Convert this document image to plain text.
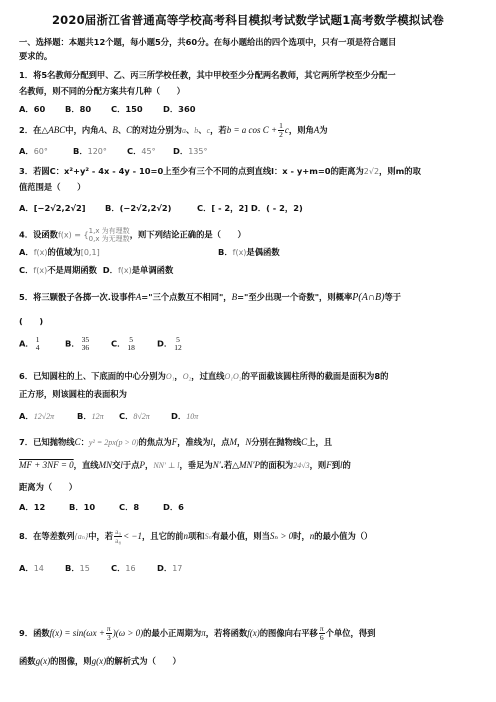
2020届浙江省普通高等学校高考科目模拟考试数学试题1高考数学模拟试卷
一、选择题：本题共12个题，每小题5分，共60分。在每小题给出的四个选项中，只有一项是符合题目
要求的。
1．将5名教师分配到甲、乙、丙三所学校任教，其中甲校至少分配两名教师，其它两所学校至少分配一
名教师，则不同的分配方案共有几种（　　）
A．60 B．80 C．150 D．360
2．在△ABC中，内角A、B、C的对边分别为a、b、c，若b = a $\cos C + \frac{1}{2}$ c，则角A为
A．60°	B．120° C．45° D．135°
3．若圆C：x²+y² - 4x - 4y - 10=0上至少有三个不同的点到直线l：x - y+m=0的距离为2√2，则m的取
值范围是（　　）
A．[−2√2,2√2] B．(−2√2,2√2)	C．[ - 2，2] D．( - 2，2)
4．设函数f(x) = { 1,x 为有理数
0,x 为无理数 ，则下列结论正确的是（　　）
A．f(x)的值域为[0,1]	B．f(x)是偶函数
C．f(x)不是周期函数 D．f(x)是单调函数
5．将三颗骰子各掷一次.设事件A="三个点数互不相同"，B="至少出现一个奇数"，则概率P(A∩B)等于
(　　)
A． 1
4	B． 35
36	C． 5
18	D． 5
12
6．已知圆柱的上、下底面的中心分别为O₁，O₂，过直线O₁O₂的平面截该圆柱所得的截面是面积为8的
正方形，则该圆柱的表面积为
A．12√2π	B．12π C．8√2π	D．10π
7．已知抛物线C：y² = 2px(p > 0)的焦点为F，准线为l，点M，N分别在抛物线C上，且
MF + 3NF = 0，直线MN交l于点P，NN′ ⊥ l，垂足为N′.若△MN′P的面积为24√3，则F到l的
距离为（　　）
A．12	B．10	C．8	D．6
8．在等差数列{aₙ}中，若 $\frac{\text{a₉}}{\text{a₈}} < -1$，且它的前n项和Sₙ有最小值，则当Sₙ > 0时，n的最小值为（）
A．14	B．15	C．16	D．17
9．函数$f(x) = \sin(\omega x + \frac{\pi}{3} )(\omega > 0)$的最小正周期为π，若将函数f(x)的图像向右平移 $\frac{\pi}{6}$ 个单位，得到
函数g(x)的图像，则g(x)的解析式为（　　）
